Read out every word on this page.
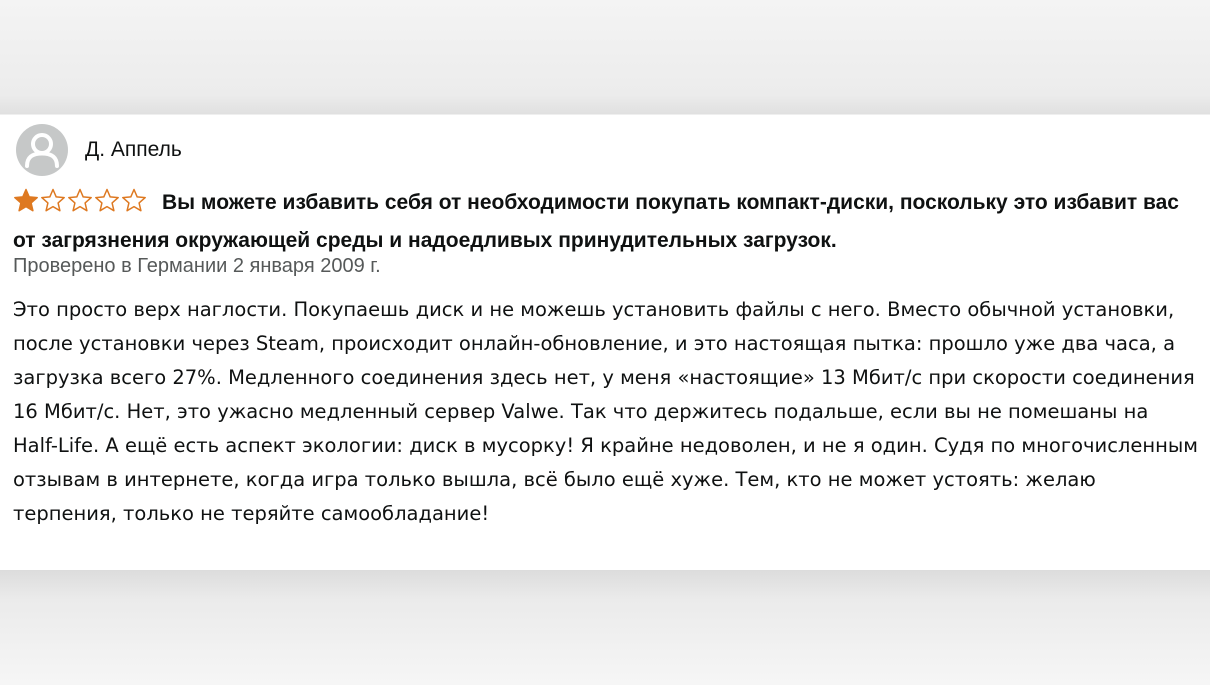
Д. Аппель
Вы можете избавить себя от необходимости покупать компакт-диски, поскольку это избавит вас от загрязнения окружающей среды и надоедливых принудительных загрузок.
Проверено в Германии 2 января 2009 г.
Это просто верх наглости. Покупаешь диск и не можешь установить файлы с него. Вместо обычной установки, после установки через Steam, происходит онлайн-обновление, и это настоящая пытка: прошло уже два часа, а загрузка всего 27%. Медленного соединения здесь нет, у меня «настоящие» 13 Мбит/с при скорости соединения 16 Мбит/с. Нет, это ужасно медленный сервер Valwe. Так что держитесь подальше, если вы не помешаны на Half-Life. А ещё есть аспект экологии: диск в мусорку! Я крайне недоволен, и не я один. Судя по многочисленным отзывам в интернете, когда игра только вышла, всё было ещё хуже. Тем, кто не может устоять: желаю терпения, только не теряйте самообладание!
